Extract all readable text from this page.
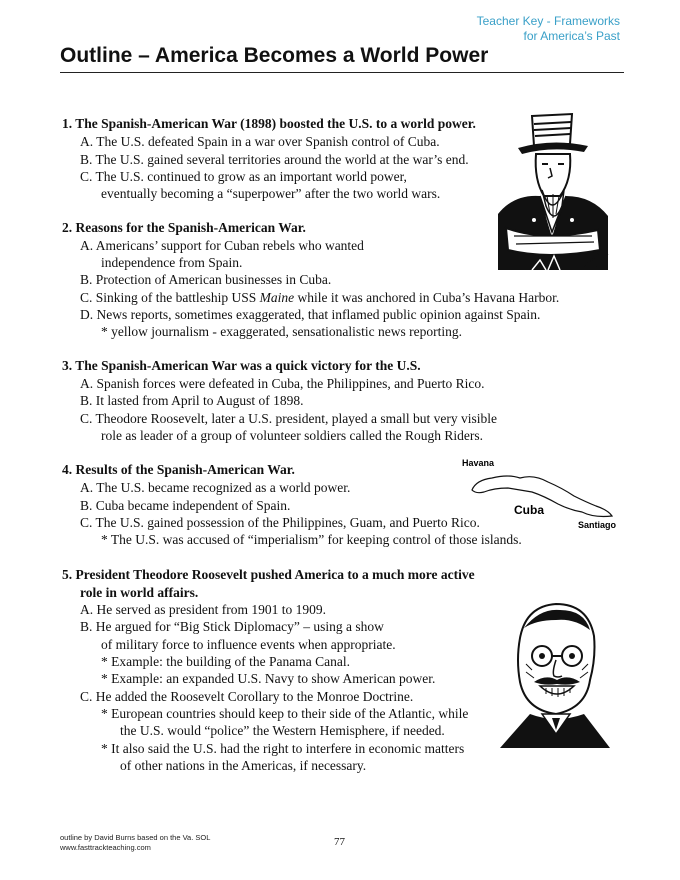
Teacher Key - Frameworks
for America’s Past
Outline – America Becomes a World Power
1. The Spanish-American War (1898) boosted the U.S. to a world power.
A. The U.S. defeated Spain in a war over Spanish control of Cuba.
B. The U.S. gained several territories around the world at the war’s end.
C. The U.S. continued to grow as an important world power,
eventually becoming a “superpower” after the two world wars.
2. Reasons for the Spanish-American War.
A. Americans’ support for Cuban rebels who wanted
independence from Spain.
B. Protection of American businesses in Cuba.
C. Sinking of the battleship USS Maine while it was anchored in Cuba’s Havana Harbor.
D. News reports, sometimes exaggerated, that inflamed public opinion against Spain.
* yellow journalism - exaggerated, sensationalistic news reporting.
3. The Spanish-American War was a quick victory for the U.S.
A. Spanish forces were defeated in Cuba, the Philippines, and Puerto Rico.
B. It lasted from April to August of 1898.
C. Theodore Roosevelt, later a U.S. president, played a small but very visible
role as leader of a group of volunteer soldiers called the Rough Riders.
4. Results of the Spanish-American War.
A. The U.S. became recognized as a world power.
B. Cuba became independent of Spain.
C. The U.S. gained possession of the Philippines, Guam, and Puerto Rico.
* The U.S. was accused of “imperialism” for keeping control of those islands.
5. President Theodore Roosevelt pushed America to a much more active
role in world affairs.
A. He served as president from 1901 to 1909.
B. He argued for “Big Stick Diplomacy” – using a show
of military force to influence events when appropriate.
* Example: the building of the Panama Canal.
* Example: an expanded U.S. Navy to show American power.
C. He added the Roosevelt Corollary to the Monroe Doctrine.
* European countries should keep to their side of the Atlantic, while
the U.S. would “police” the Western Hemisphere, if needed.
* It also said the U.S. had the right to interfere in economic matters
of other nations in the Americas, if necessary.
Havana
Cuba
Santiago
outline by David Burns based on the Va. SOL
www.fasttrackteaching.com	77
